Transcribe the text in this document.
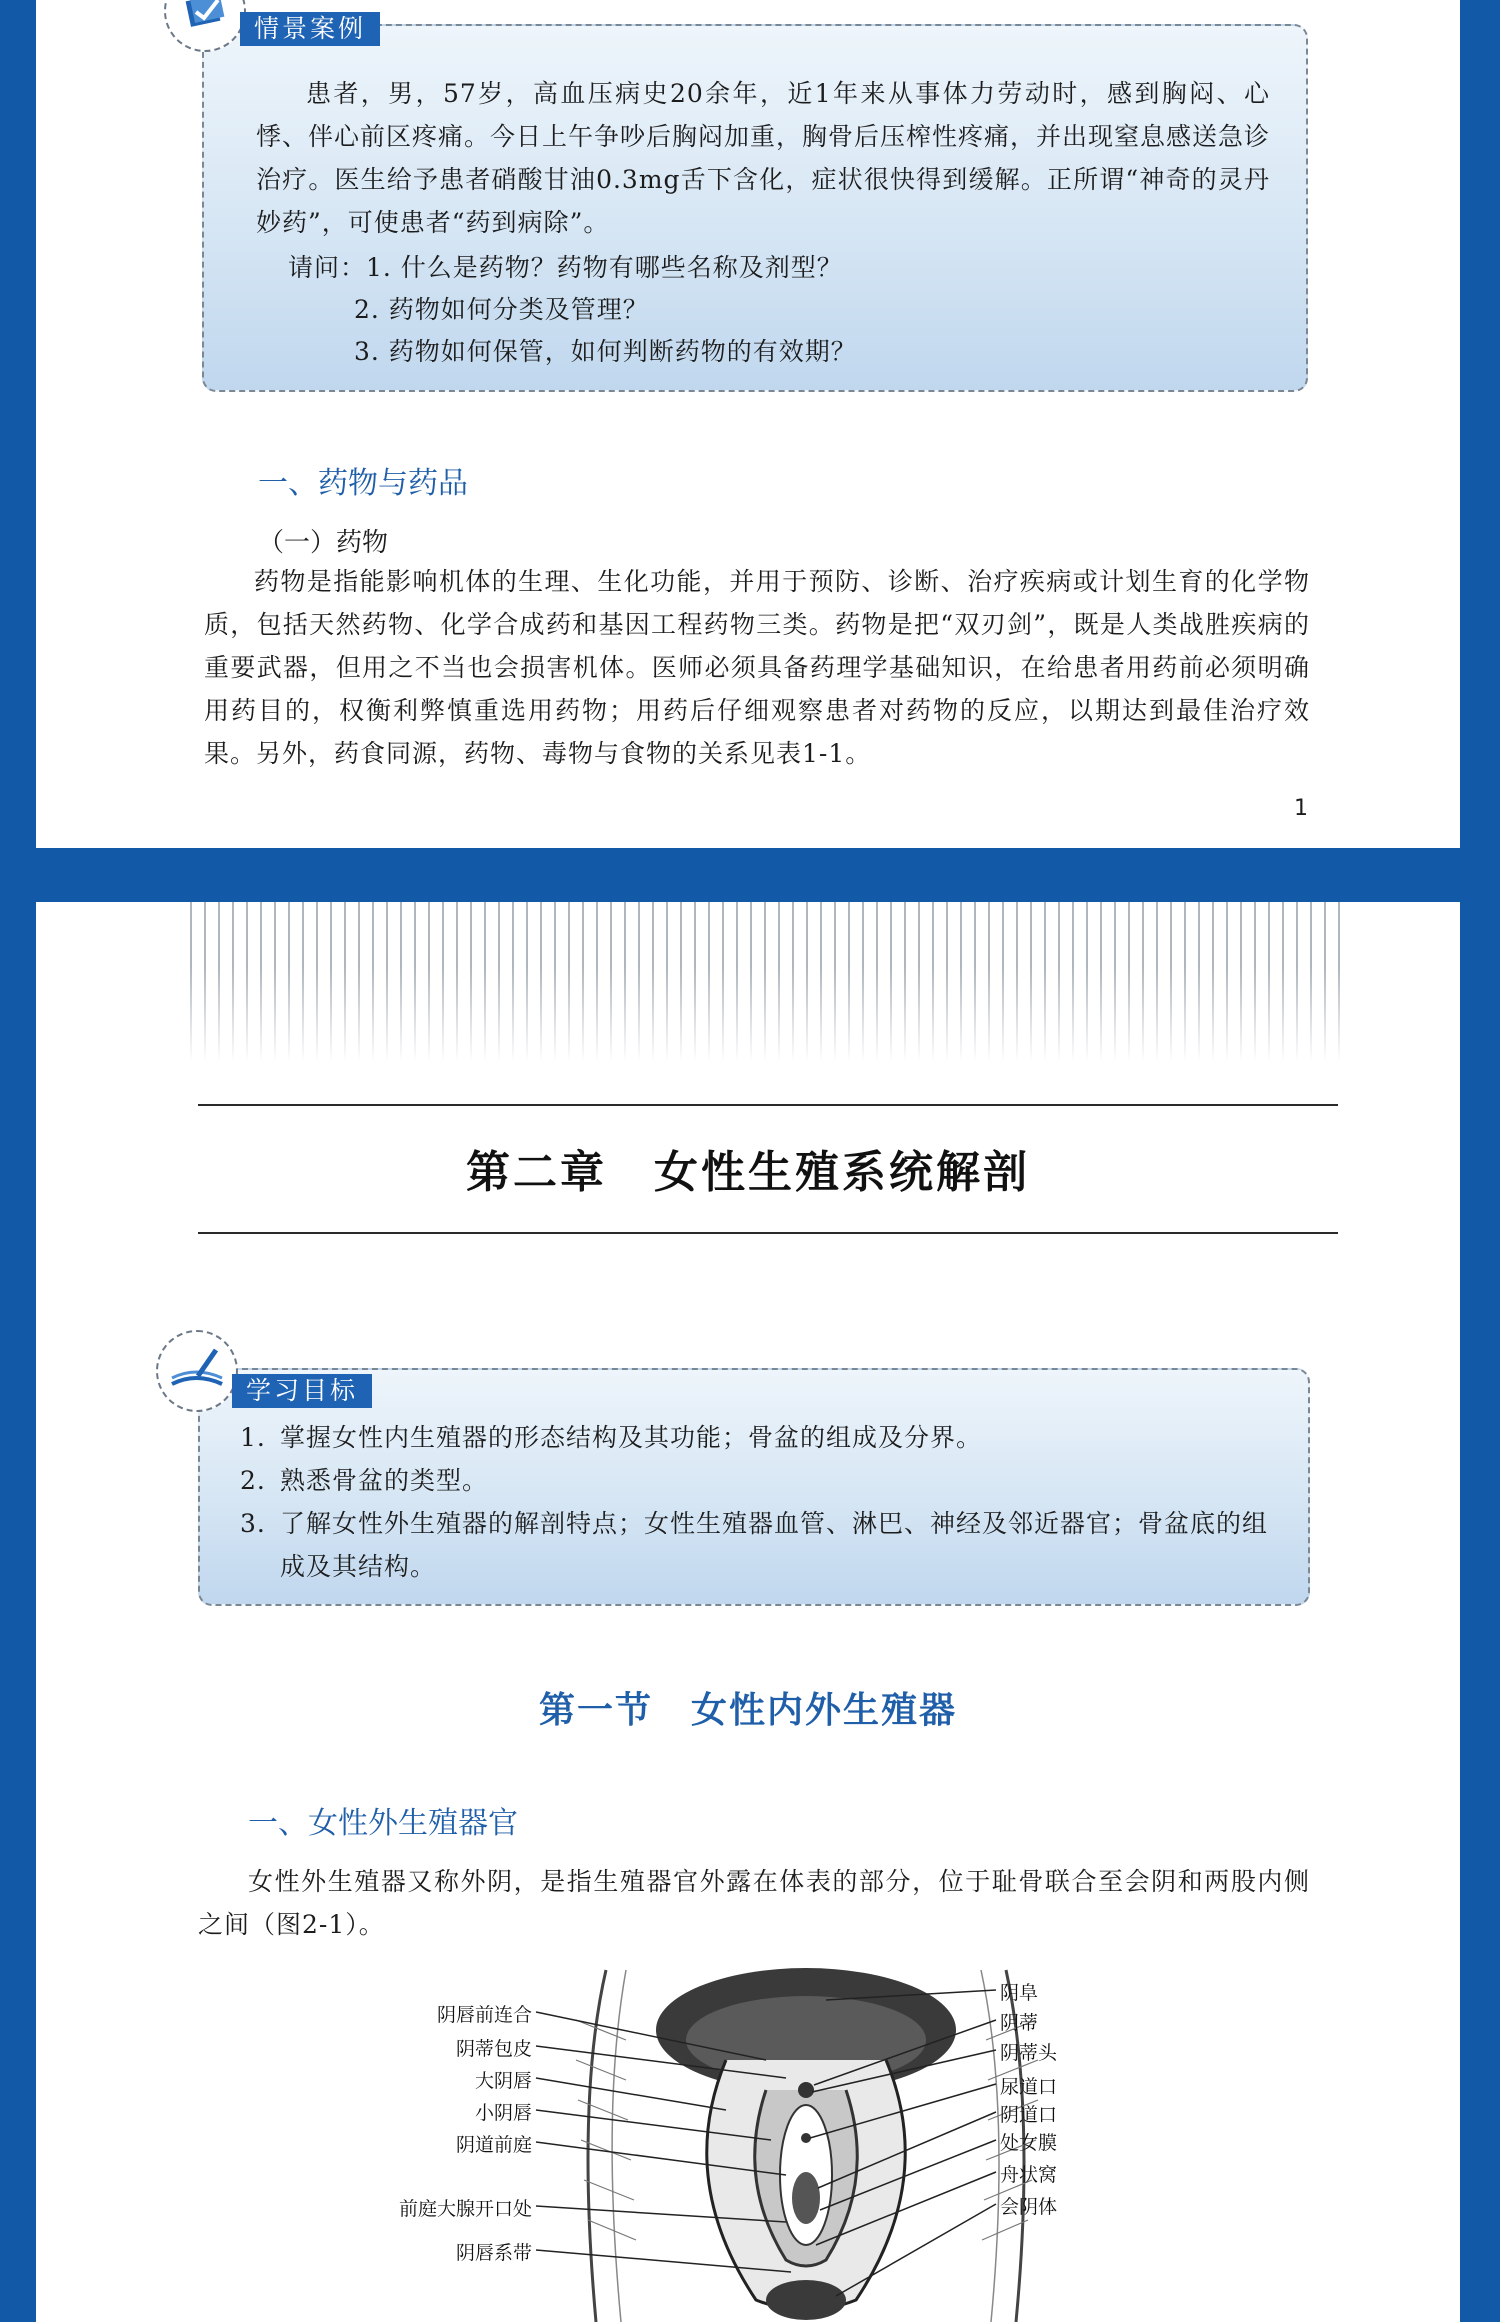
患者，男，57岁，高血压病史20余年，近1年来从事体力劳动时，感到胸闷、心悸、伴心前区疼痛。今日上午争吵后胸闷加重，胸骨后压榨性疼痛，并出现窒息感送急诊治疗。医生给予患者硝酸甘油0.3mg舌下含化，症状很快得到缓解。正所谓“神奇的灵丹妙药”，可使患者“药到病除”。

请问：1. 什么是药物？药物有哪些名称及剂型？
2. 药物如何分类及管理？
3. 药物如何保管，如何判断药物的有效期？
情景案例
一、药物与药品
（一）药物

药物是指能影响机体的生理、生化功能，并用于预防、诊断、治疗疾病或计划生育的化学物质，包括天然药物、化学合成药和基因工程药物三类。药物是把“双刃剑”，既是人类战胜疾病的重要武器，但用之不当也会损害机体。医师必须具备药理学基础知识，在给患者用药前必须明确用药目的，权衡利弊慎重选用药物；用药后仔细观察患者对药物的反应，以期达到最佳治疗效果。另外，药食同源，药物、毒物与食物的关系见表1-1。

1
第二章　女性生殖系统解剖
1. 掌握女性内生殖器的形态结构及其功能；骨盆的组成及分界。
2. 熟悉骨盆的类型。
3. 了解女性外生殖器的解剖特点；女性生殖器血管、淋巴、神经及邻近器官；骨盆底的组成及其结构。
学习目标
第一节　女性内外生殖器
一、女性外生殖器官

女性外生殖器又称外阴，是指生殖器官外露在体表的部分，位于耻骨联合至会阴和两股内侧之间（图2-1）。

阴唇前连合
阴蒂包皮
大阴唇
小阴唇
阴道前庭
前庭大腺开口处
阴唇系带
阴阜
阴蒂
阴蒂头
尿道口
阴道口
处女膜
舟状窝
会阴体
